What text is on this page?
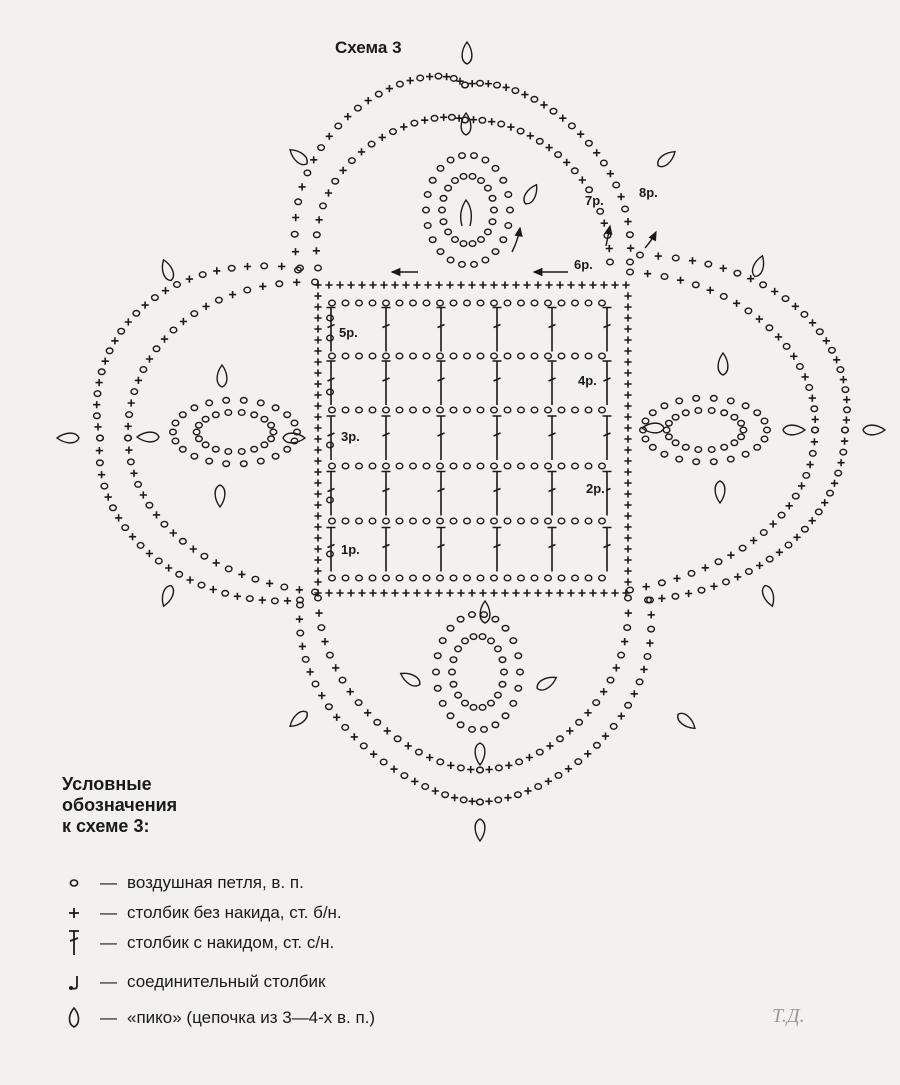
Схема 3
1р.
2р.
3р.
4р.
5р.
6р.
7р.
8р.
Условные
обозначения
к схеме 3:
— воздушная петля, в. п.
— столбик без накида, ст. б/н.
— столбик с накидом, ст. с/н.
— соединительный столбик
— «пико» (цепочка из 3—4-х в. п.)	Т.Д.
